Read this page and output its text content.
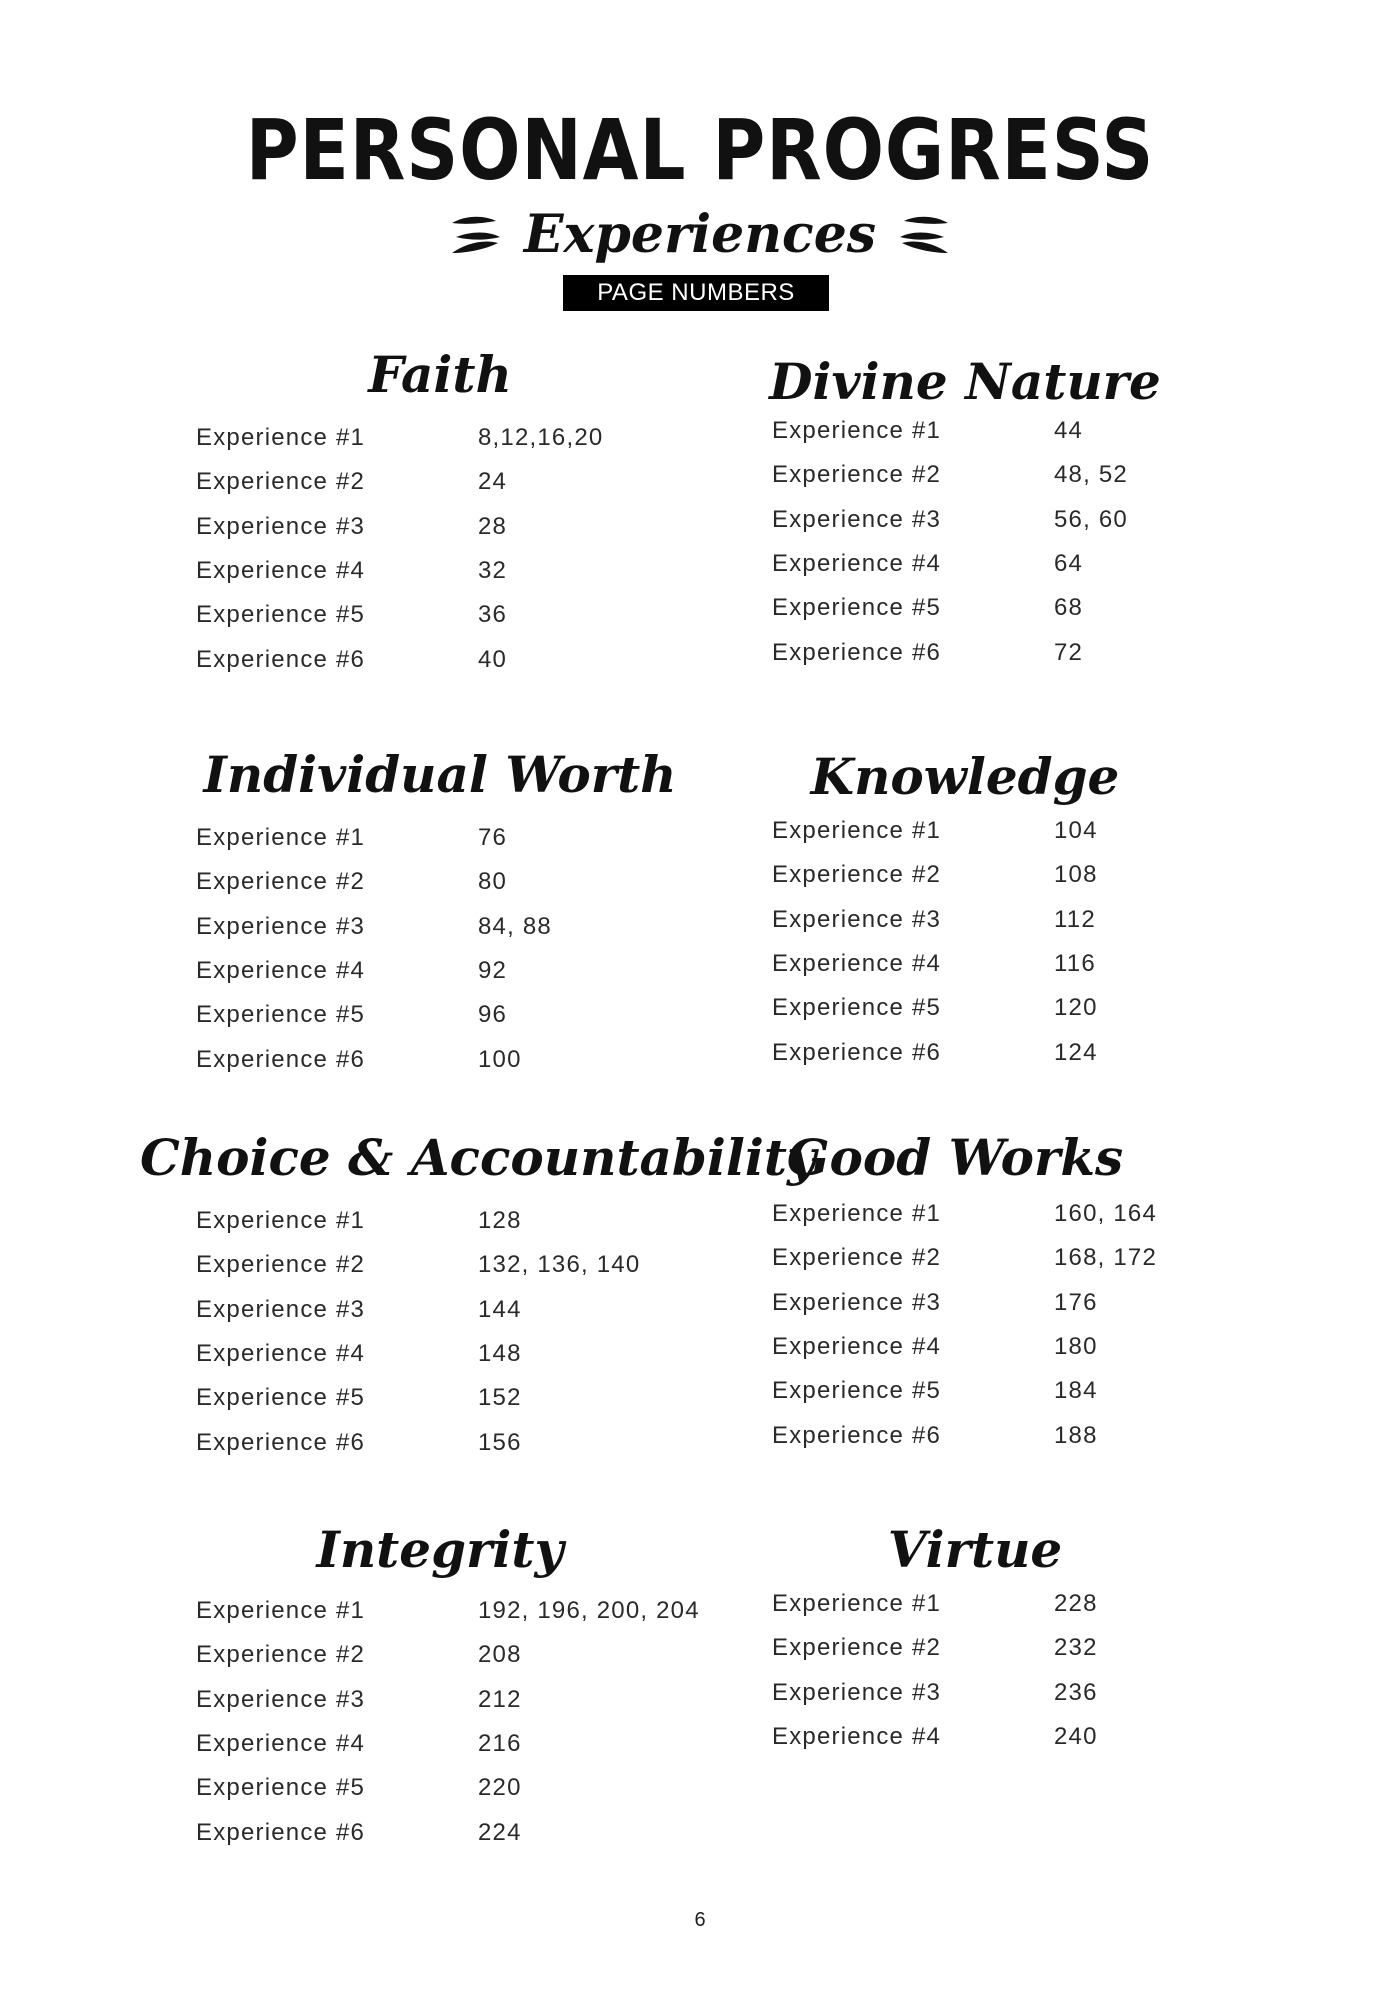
PERSONAL PROGRESS
Experiences
PAGE NUMBERS
Faith
Experience #1	8,12,16,20
Experience #2	24
Experience #3	28
Experience #4	32
Experience #5	36
Experience #6	40
Divine Nature
Experience #1	44
Experience #2	48, 52
Experience #3	56, 60
Experience #4	64
Experience #5	68
Experience #6	72
Individual Worth
Experience #1	76
Experience #2	80
Experience #3	84, 88
Experience #4	92
Experience #5	96
Experience #6	100
Knowledge
Experience #1	104
Experience #2	108
Experience #3	112
Experience #4	116
Experience #5	120
Experience #6	124
Choice & Accountability
Experience #1	128
Experience #2	132, 136, 140
Experience #3	144
Experience #4	148
Experience #5	152
Experience #6	156
Good Works
Experience #1	160, 164
Experience #2	168, 172
Experience #3	176
Experience #4	180
Experience #5	184
Experience #6	188
Integrity
Experience #1	192, 196, 200, 204
Experience #2	208
Experience #3	212
Experience #4	216
Experience #5	220
Experience #6	224
Virtue
Experience #1	228
Experience #2	232
Experience #3	236
Experience #4	240
6
